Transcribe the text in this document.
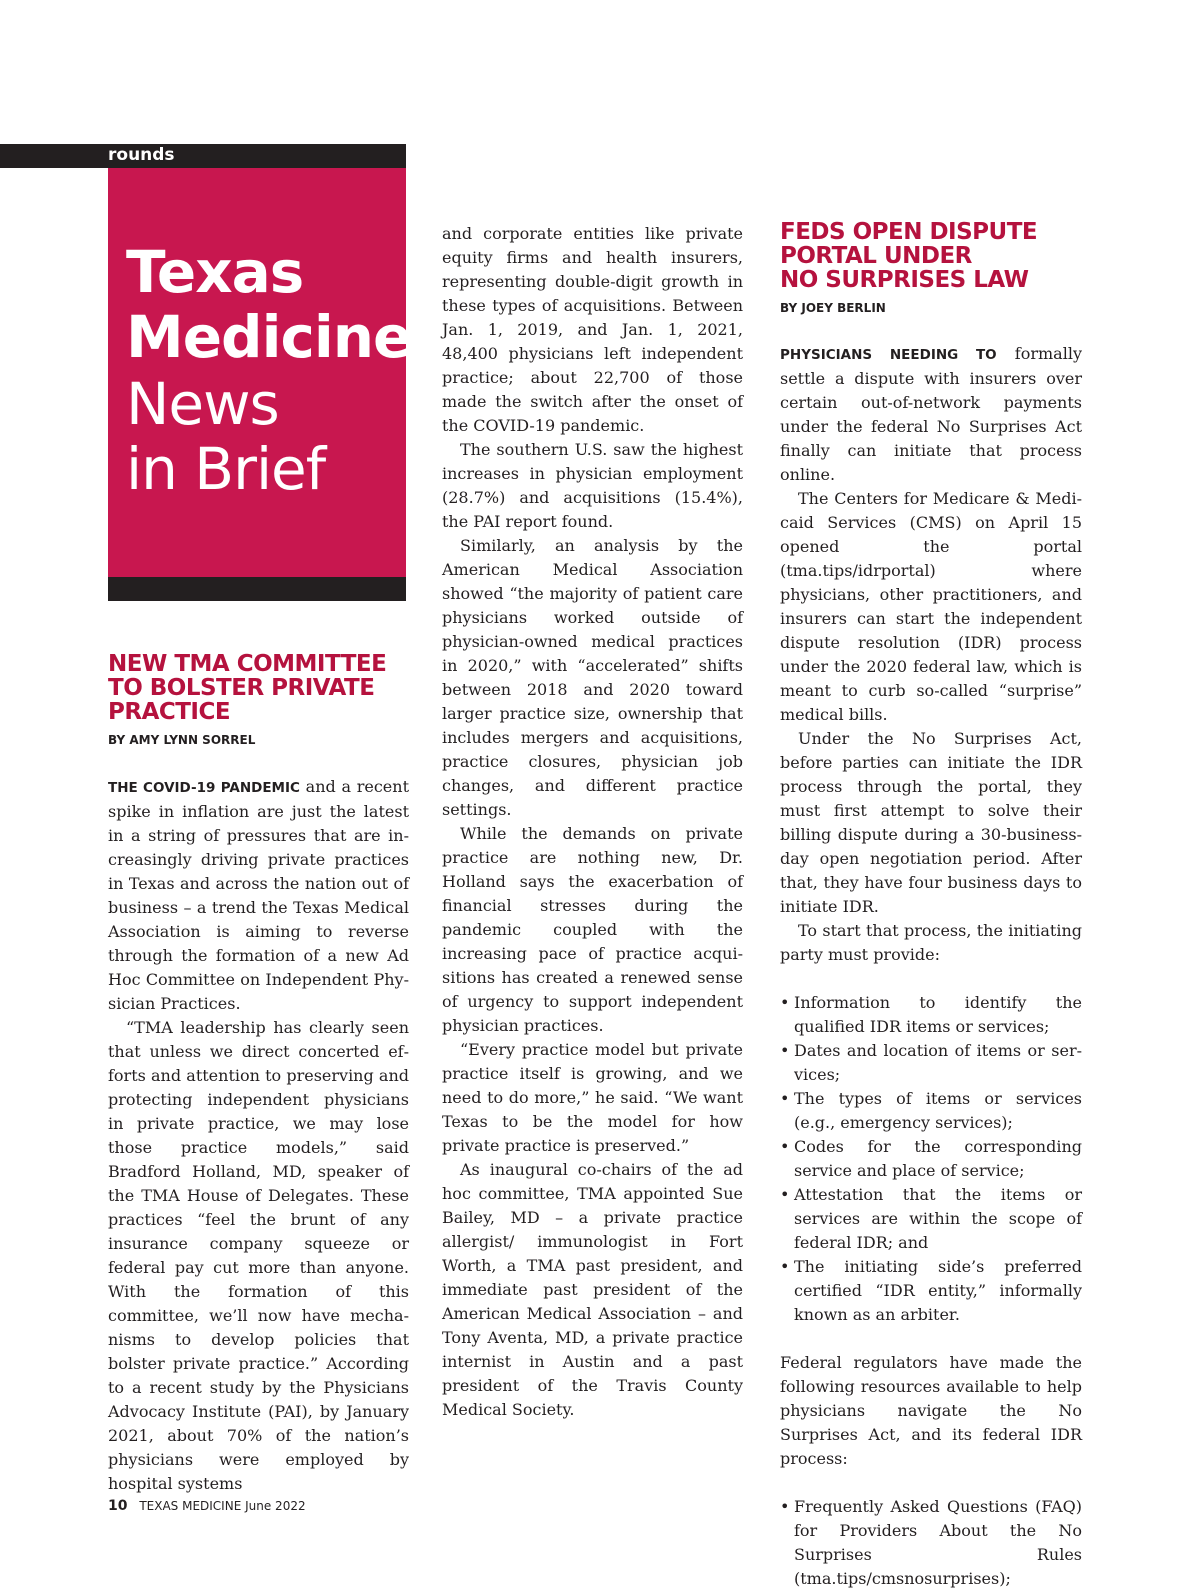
rounds
Texas
Medicine
News
in Brief
NEW TMA COMMITTEE
TO BOLSTER PRIVATE
PRACTICE
BY AMY LYNN SORREL

THE COVID-19 PANDEMIC and a recent spike in inflation are just the latest in a string of pressures that are increasingly driving private practices in Texas and across the nation out of business – a trend the Texas Medical Association is aiming to reverse through the formation of a new Ad Hoc Committee on Independent Physician Practices.

“TMA leadership has clearly seen that unless we direct concerted efforts and attention to preserving and protecting independent physicians in private practice, we may lose those practice models,” said Bradford Holland, MD, speaker of the TMA House of Delegates. These practices “feel the brunt of any insurance company squeeze or federal pay cut more than anyone. With the formation of this committee, we’ll now have mechanisms to develop policies that bolster private practice.” According to a recent study by the Physicians Advocacy Institute (PAI), by January 2021, about 70% of the nation’s physicians were employed by hospital systems

and corporate entities like private equity firms and health insurers, representing double-digit growth in these types of acquisitions. Between Jan. 1, 2019, and Jan. 1, 2021, 48,400 physicians left independent practice; about 22,700 of those made the switch after the onset of the COVID-19 pandemic.

The southern U.S. saw the highest increases in physician employment (28.7%) and acquisitions (15.4%), the PAI report found.

Similarly, an analysis by the American Medical Association showed “the majority of patient care physicians worked outside of physician-owned medical practices in 2020,” with “accelerated” shifts between 2018 and 2020 toward larger practice size, ownership that includes mergers and acquisitions, practice closures, physician job changes, and different practice settings.

While the demands on private practice are nothing new, Dr. Holland says the exacerbation of financial stresses during the pandemic coupled with the increasing pace of practice acquisitions has created a renewed sense of urgency to support independent physician practices.

“Every practice model but private practice itself is growing, and we need to do more,” he said. “We want Texas to be the model for how private practice is preserved.”

As inaugural co-chairs of the ad hoc committee, TMA appointed Sue Bailey, MD – a private practice allergist/ immunologist in Fort Worth, a TMA past president, and immediate past president of the American Medical Association – and Tony Aventa, MD, a private practice internist in Austin and a past president of the Travis County Medical Society.

FEDS OPEN DISPUTE
PORTAL UNDER
NO SURPRISES LAW
BY JOEY BERLIN

PHYSICIANS NEEDING TO formally settle a dispute with insurers over certain out-of-network payments under the federal No Surprises Act finally can initiate that process online.

The Centers for Medicare & Medicaid Services (CMS) on April 15 opened the portal (tma.tips/idrportal) where physicians, other practitioners, and insurers can start the independent dispute resolution (IDR) process under the 2020 federal law, which is meant to curb so-called “surprise” medical bills.

Under the No Surprises Act, before parties can initiate the IDR process through the portal, they must first attempt to solve their billing dispute during a 30-business-day open negotiation period. After that, they have four business days to initiate IDR.

To start that process, the initiating party must provide:

• Information to identify the qualified IDR items or services;
• Dates and location of items or services;
• The types of items or services (e.g., emergency services);
• Codes for the corresponding service and place of service;
• Attestation that the items or services are within the scope of federal IDR; and
• The initiating side’s preferred certified “IDR entity,” informally known as an arbiter.

Federal regulators have made the following resources available to help physicians navigate the No Surprises Act, and its federal IDR process:

• Frequently Asked Questions (FAQ) for Providers About the No Surprises Rules (tma.tips/cmsnosurprises);
10 TEXAS MEDICINE June 2022
